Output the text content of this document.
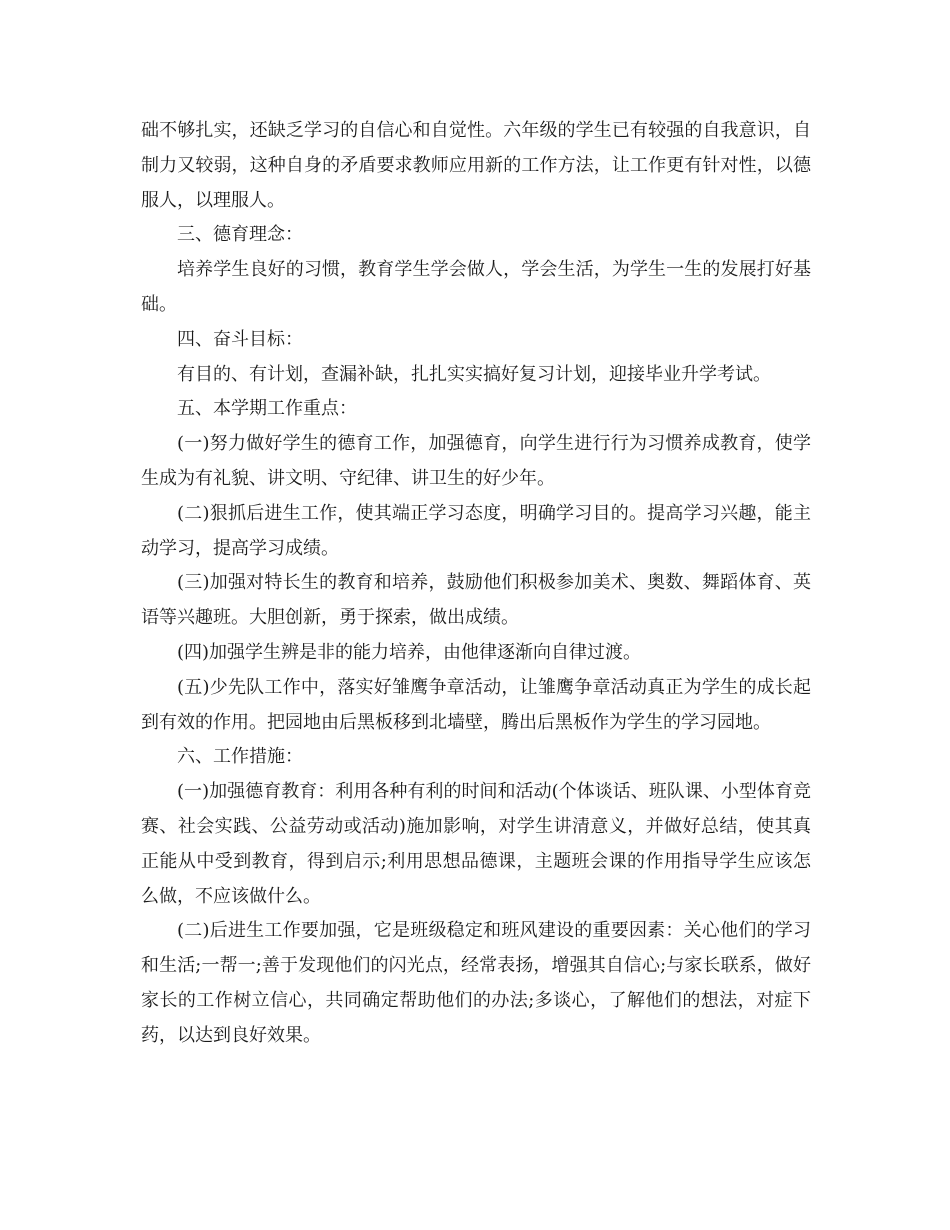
础不够扎实，还缺乏学习的自信心和自觉性。六年级的学生已有较强的自我意识，自制力又较弱，这种自身的矛盾要求教师应用新的工作方法，让工作更有针对性，以德服人，以理服人。

三、德育理念：

培养学生良好的习惯，教育学生学会做人，学会生活，为学生一生的发展打好基础。

四、奋斗目标：

有目的、有计划，查漏补缺，扎扎实实搞好复习计划，迎接毕业升学考试。

五、本学期工作重点：

(一)努力做好学生的德育工作，加强德育，向学生进行行为习惯养成教育，使学生成为有礼貌、讲文明、守纪律、讲卫生的好少年。

(二)狠抓后进生工作，使其端正学习态度，明确学习目的。提高学习兴趣，能主动学习，提高学习成绩。

(三)加强对特长生的教育和培养，鼓励他们积极参加美术、奥数、舞蹈体育、英语等兴趣班。大胆创新，勇于探索，做出成绩。

(四)加强学生辨是非的能力培养，由他律逐渐向自律过渡。

(五)少先队工作中，落实好雏鹰争章活动，让雏鹰争章活动真正为学生的成长起到有效的作用。把园地由后黑板移到北墙壁，腾出后黑板作为学生的学习园地。

六、工作措施：

(一)加强德育教育：利用各种有利的时间和活动(个体谈话、班队课、小型体育竞赛、社会实践、公益劳动或活动)施加影响，对学生讲清意义，并做好总结，使其真正能从中受到教育，得到启示;利用思想品德课，主题班会课的作用指导学生应该怎么做，不应该做什么。

(二)后进生工作要加强，它是班级稳定和班风建设的重要因素：关心他们的学习和生活;一帮一;善于发现他们的闪光点，经常表扬，增强其自信心;与家长联系，做好家长的工作树立信心，共同确定帮助他们的办法;多谈心，了解他们的想法，对症下药，以达到良好效果。
